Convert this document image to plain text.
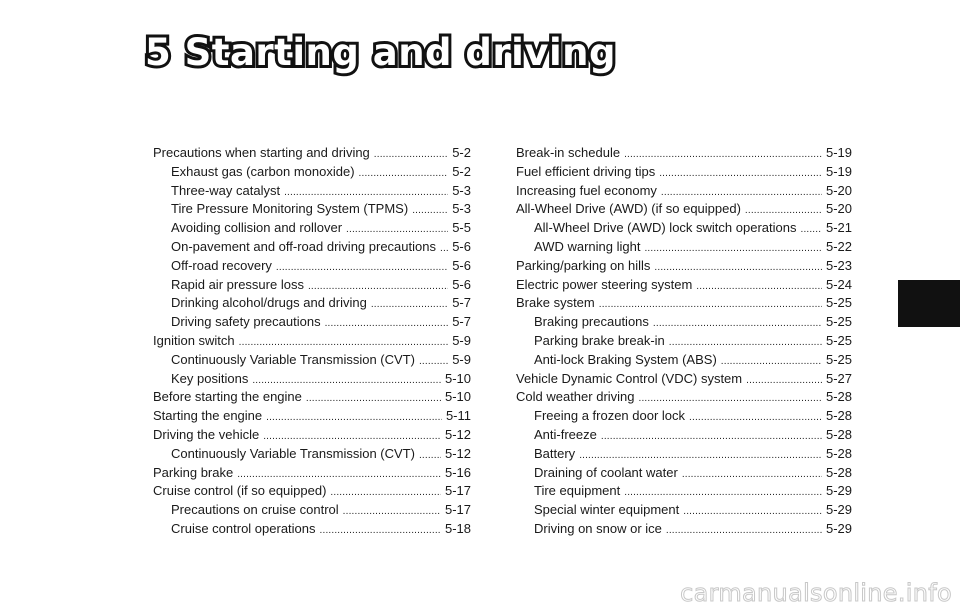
5 Starting and driving
Precautions when starting and driving . . .	5-2
Exhaust gas (carbon monoxide) . . .	5-2
Three-way catalyst . . .	5-3
Tire Pressure Monitoring System (TPMS) . . .	5-3
Avoiding collision and rollover . . .	5-5
On-pavement and off-road driving precautions . . . 5-6
Off-road recovery . . .	5-6
Rapid air pressure loss . . .	5-6
Drinking alcohol/drugs and driving . . .	5-7
Driving safety precautions . . .	5-7
Ignition switch . . .	5-9
Continuously Variable Transmission (CVT) . . .	5-9
Key positions . . .	5-10
Before starting the engine . . .	5-10
Starting the engine . . .	5-11
Driving the vehicle . . .	5-12
Continuously Variable Transmission (CVT) . . . 5-12
Parking brake . . .	5-16
Cruise control (if so equipped) . . .	5-17
Precautions on cruise control . . .	5-17
Cruise control operations . . .	5-18
Break-in schedule . . .	5-19
Fuel efficient driving tips . . .	5-19
Increasing fuel economy . . .	5-20
All-Wheel Drive (AWD) (if so equipped) . . .	5-20
All-Wheel Drive (AWD) lock switch operations . . . 5-21
AWD warning light . . .	5-22
Parking/parking on hills . . .	5-23
Electric power steering system . . .	5-24
Brake system . . .	5-25
Braking precautions . . .	5-25
Parking brake break-in . . .	5-25
Anti-lock Braking System (ABS) . . .	5-25
Vehicle Dynamic Control (VDC) system . . .	5-27
Cold weather driving . . .	5-28
Freeing a frozen door lock . . .	5-28
Anti-freeze . . .	5-28
Battery . . .	5-28
Draining of coolant water . . .	5-28
Tire equipment . . .	5-29
Special winter equipment . . .	5-29
Driving on snow or ice . . .	5-29
carmanualsonline.info
